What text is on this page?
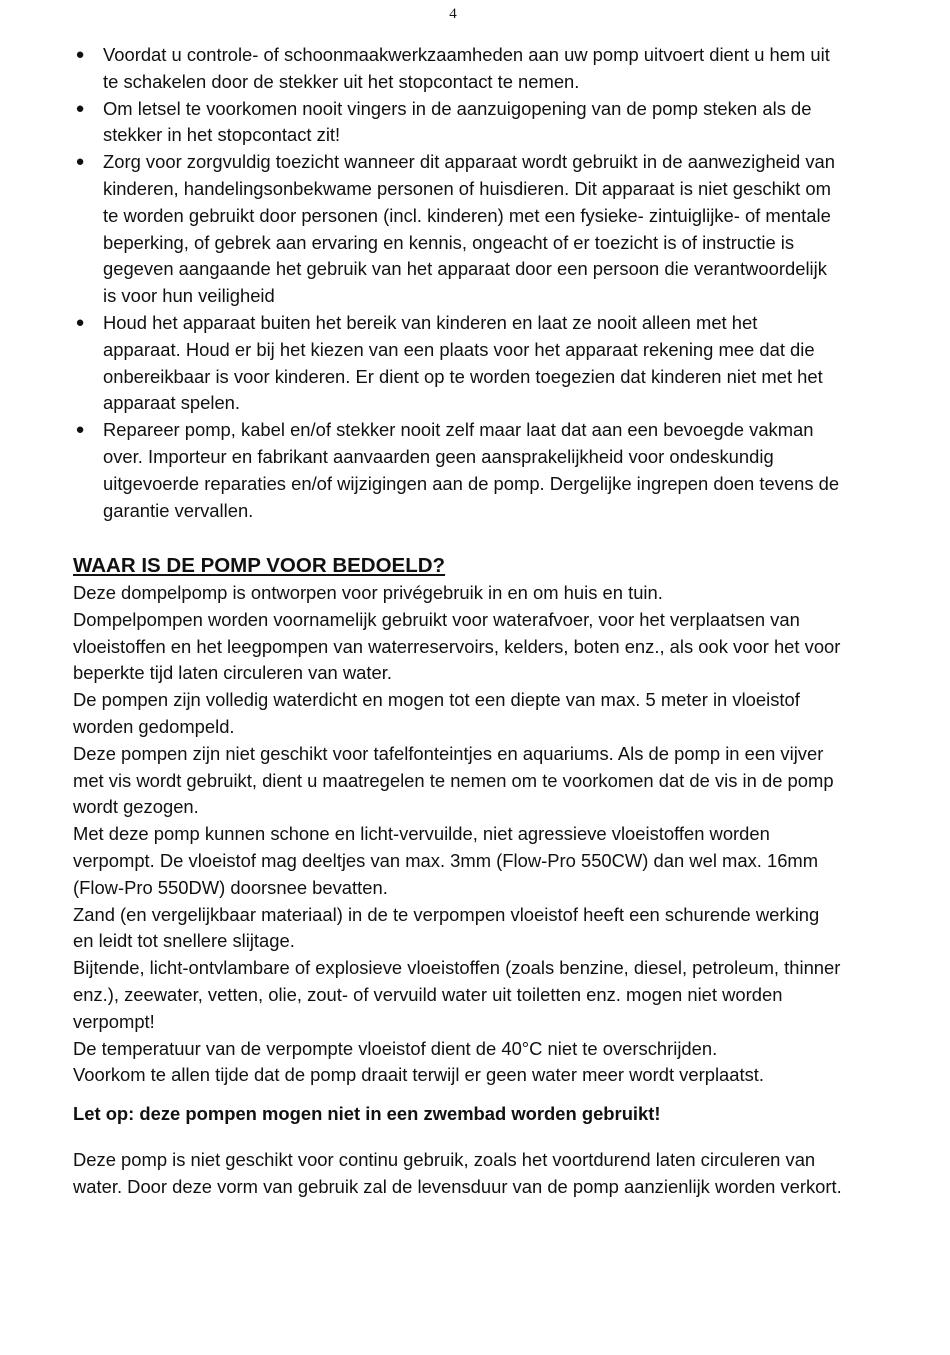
4
● Voordat u controle- of schoonmaakwerkzaamheden aan uw pomp uitvoert dient u hem uit te schakelen door de stekker uit het stopcontact te nemen.
● Om letsel te voorkomen nooit vingers in de aanzuigopening van de pomp steken als de stekker in het stopcontact zit!
● Zorg voor zorgvuldig toezicht wanneer dit apparaat wordt gebruikt in de aanwezigheid van kinderen, handelingsonbekwame personen of huisdieren. Dit apparaat is niet geschikt om te worden gebruikt door personen (incl. kinderen) met een fysieke- zintuiglijke- of mentale beperking, of gebrek aan ervaring en kennis, ongeacht of er toezicht is of instructie is gegeven aangaande het gebruik van het apparaat door een persoon die verantwoordelijk is voor hun veiligheid
● Houd het apparaat buiten het bereik van kinderen en laat ze nooit alleen met het apparaat. Houd er bij het kiezen van een plaats voor het apparaat rekening mee dat die onbereikbaar is voor kinderen. Er dient op te worden toegezien dat kinderen niet met het apparaat spelen.
● Repareer pomp, kabel en/of stekker nooit zelf maar laat dat aan een bevoegde vakman over. Importeur en fabrikant aanvaarden geen aansprakelijkheid voor ondeskundig uitgevoerde reparaties en/of wijzigingen aan de pomp. Dergelijke ingrepen doen tevens de garantie vervallen.
WAAR IS DE POMP VOOR BEDOELD?

Deze dompelpomp is ontworpen voor privégebruik in en om huis en tuin.

Dompelpompen worden voornamelijk gebruikt voor waterafvoer, voor het verplaatsen van vloeistoffen en het leegpompen van waterreservoirs, kelders, boten enz., als ook voor het voor beperkte tijd laten circuleren van water.

De pompen zijn volledig waterdicht en mogen tot een diepte van max. 5 meter in vloeistof worden gedompeld.

Deze pompen zijn niet geschikt voor tafelfonteintjes en aquariums. Als de pomp in een vijver met vis wordt gebruikt, dient u maatregelen te nemen om te voorkomen dat de vis in de pomp wordt gezogen.

Met deze pomp kunnen schone en licht-vervuilde, niet agressieve vloeistoffen worden verpompt. De vloeistof mag deeltjes van max. 3mm (Flow-Pro 550CW) dan wel max. 16mm (Flow-Pro 550DW) doorsnee bevatten.

Zand (en vergelijkbaar materiaal) in de te verpompen vloeistof heeft een schurende werking en leidt tot snellere slijtage.

Bijtende, licht-ontvlambare of explosieve vloeistoffen (zoals benzine, diesel, petroleum, thinner enz.), zeewater, vetten, olie, zout- of vervuild water uit toiletten enz. mogen niet worden verpompt!

De temperatuur van de verpompte vloeistof dient de 40°C niet te overschrijden.

Voorkom te allen tijde dat de pomp draait terwijl er geen water meer wordt verplaatst.

Let op: deze pompen mogen niet in een zwembad worden gebruikt!

Deze pomp is niet geschikt voor continu gebruik, zoals het voortdurend laten circuleren van water. Door deze vorm van gebruik zal de levensduur van de pomp aanzienlijk worden verkort.
